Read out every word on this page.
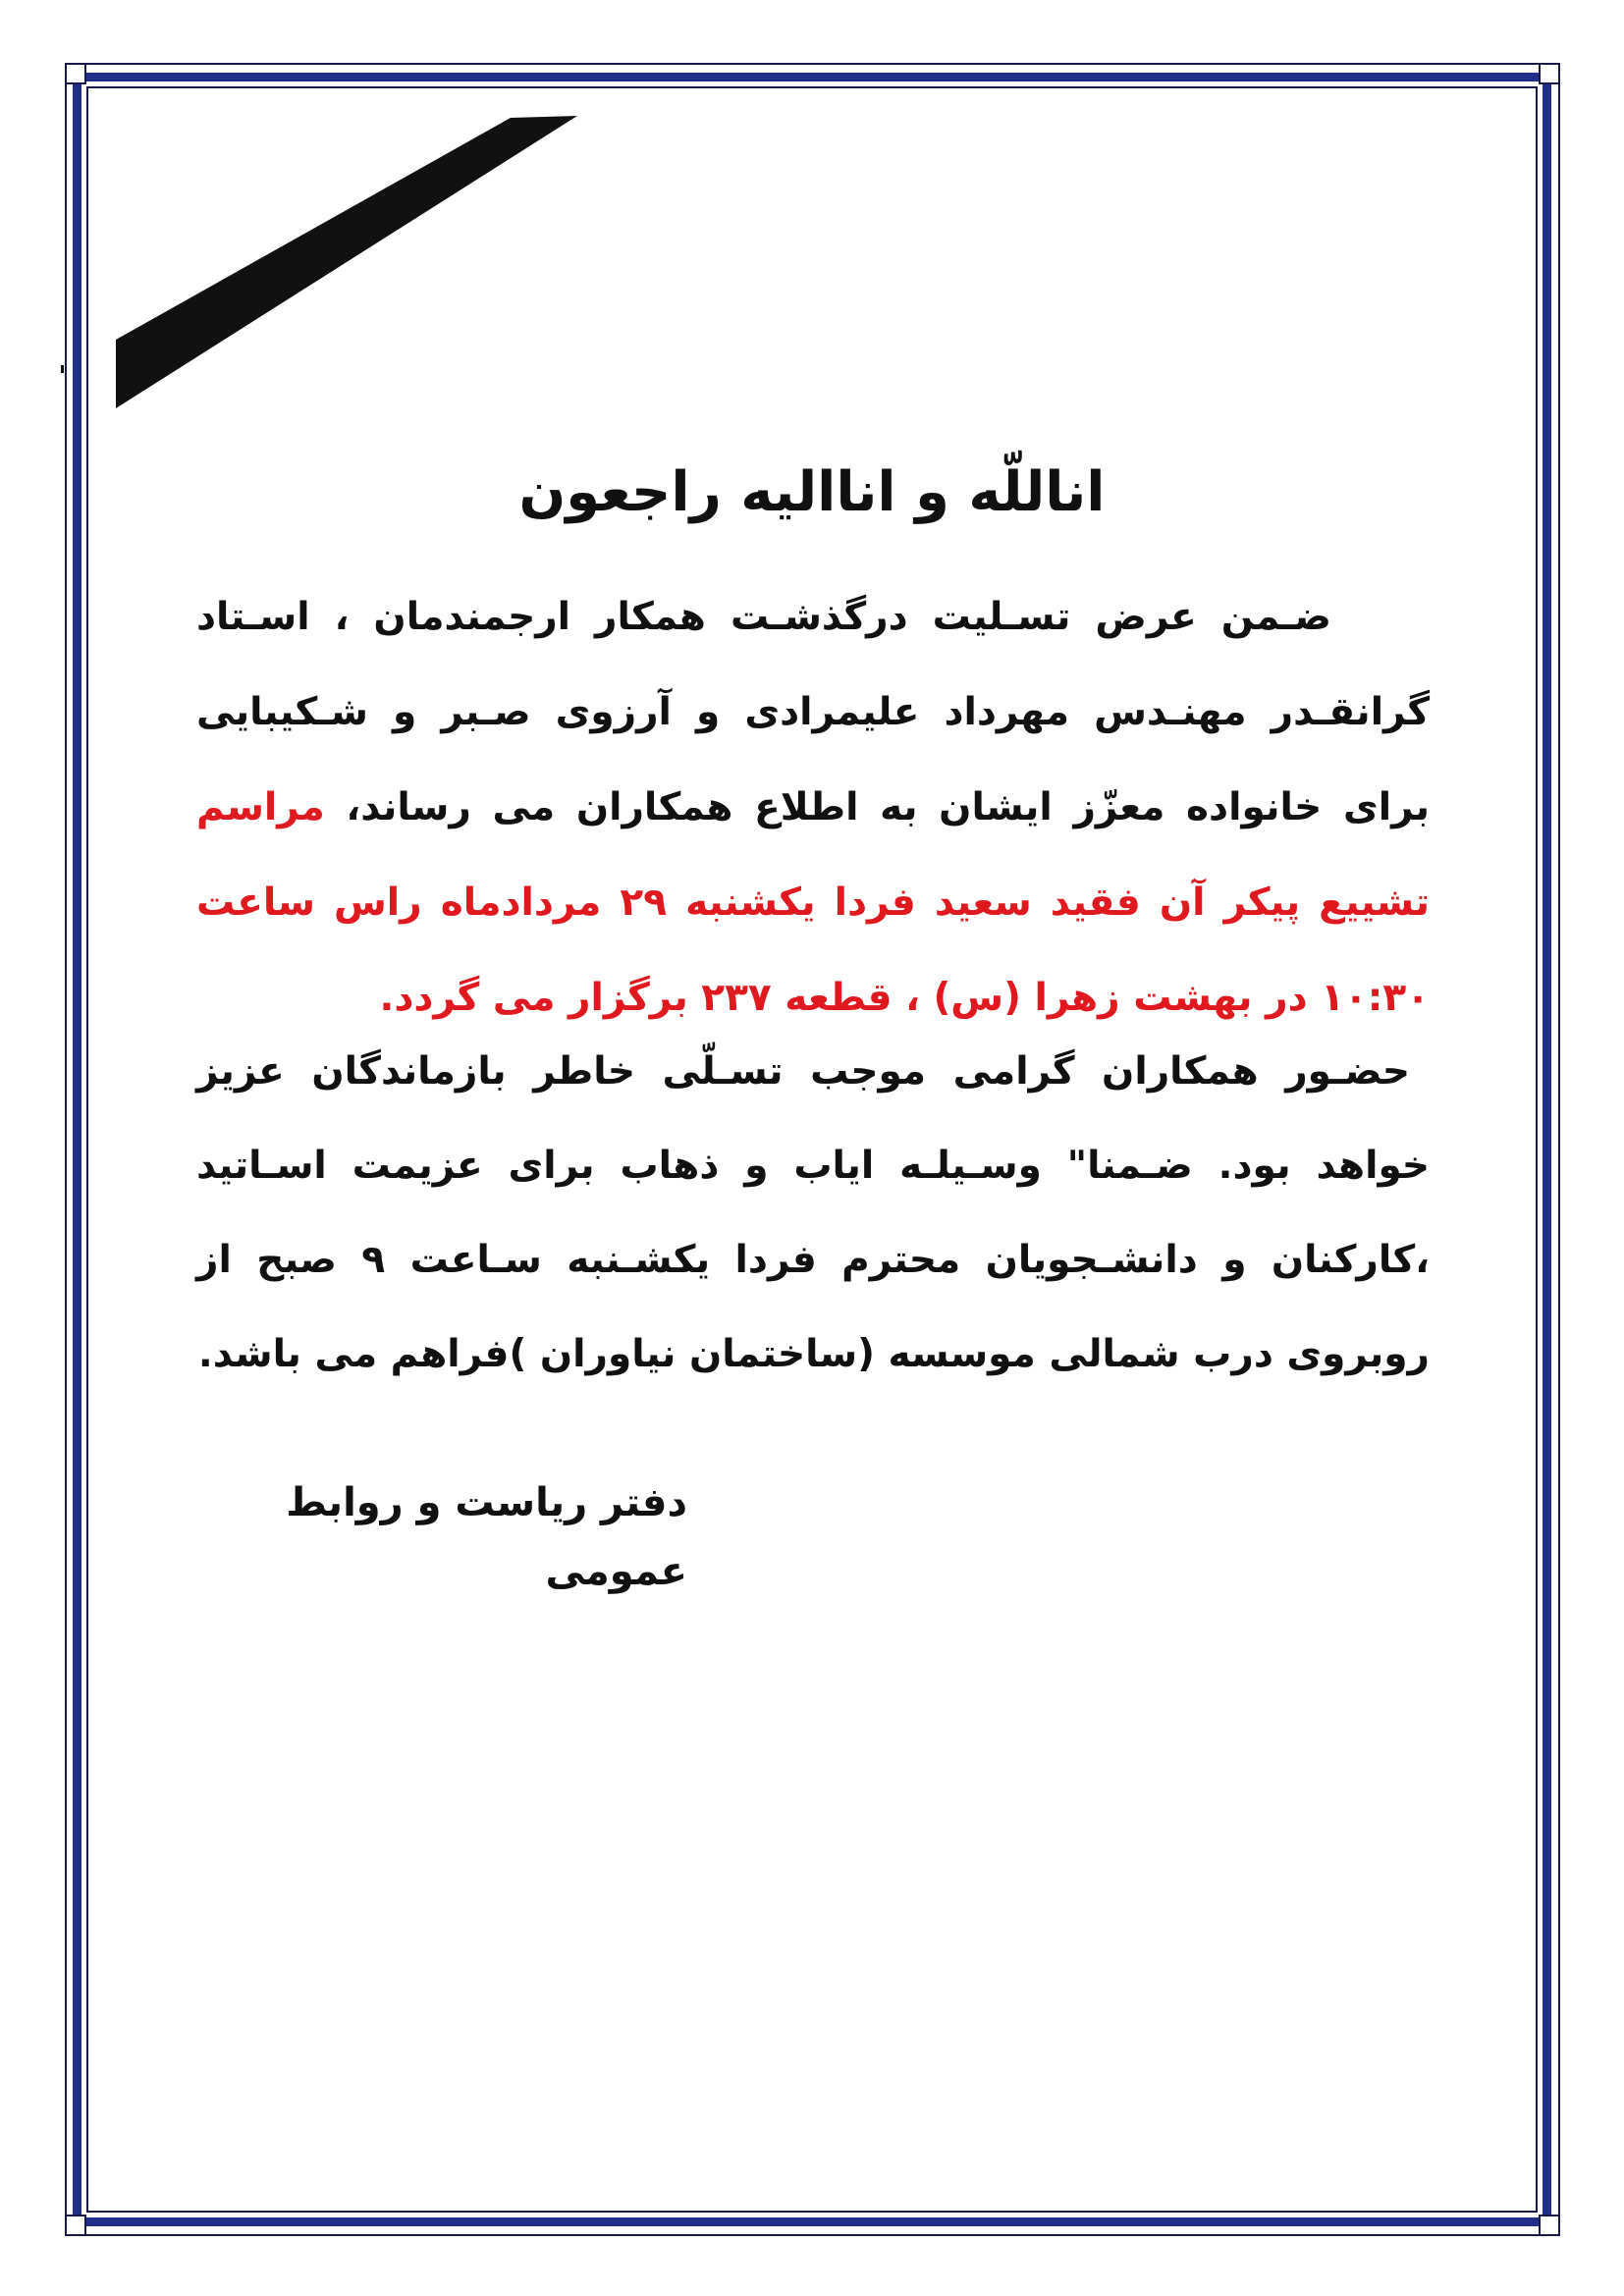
اناللّه و انااليه راجعون
ضـمن عرض تسـليت درگذشـت همكار ارجمندمان ، اسـتاد گرانقـدر مهنـدس مهرداد عليمرادی و آرزوی صـبر و شـكيبايی برای خانواده معزّز ايشان به اطلاع همكاران می رساند، مراسم تشييع پيكر آن فقيد سعيد فردا يكشنبه ۲۹ مردادماه راس ساعت ۱۰:۳۰ در بهشت زهرا (س) ، قطعه ۲۳۷ برگزار می گردد.
حضـور همكاران گرامی موجب تسـلّی خاطر بازماندگان عزيز خواهد بود. ضـمنا" وسـيلـه اياب و ذهاب برای عزيمت اسـاتيد ،كاركنان و دانشـجويان محترم فردا يكشـنبه سـاعت ۹ صبح از روبروی درب شمالی موسسه (ساختمان نياوران )فراهم می باشد.
دفتر رياست و روابط عمومی
